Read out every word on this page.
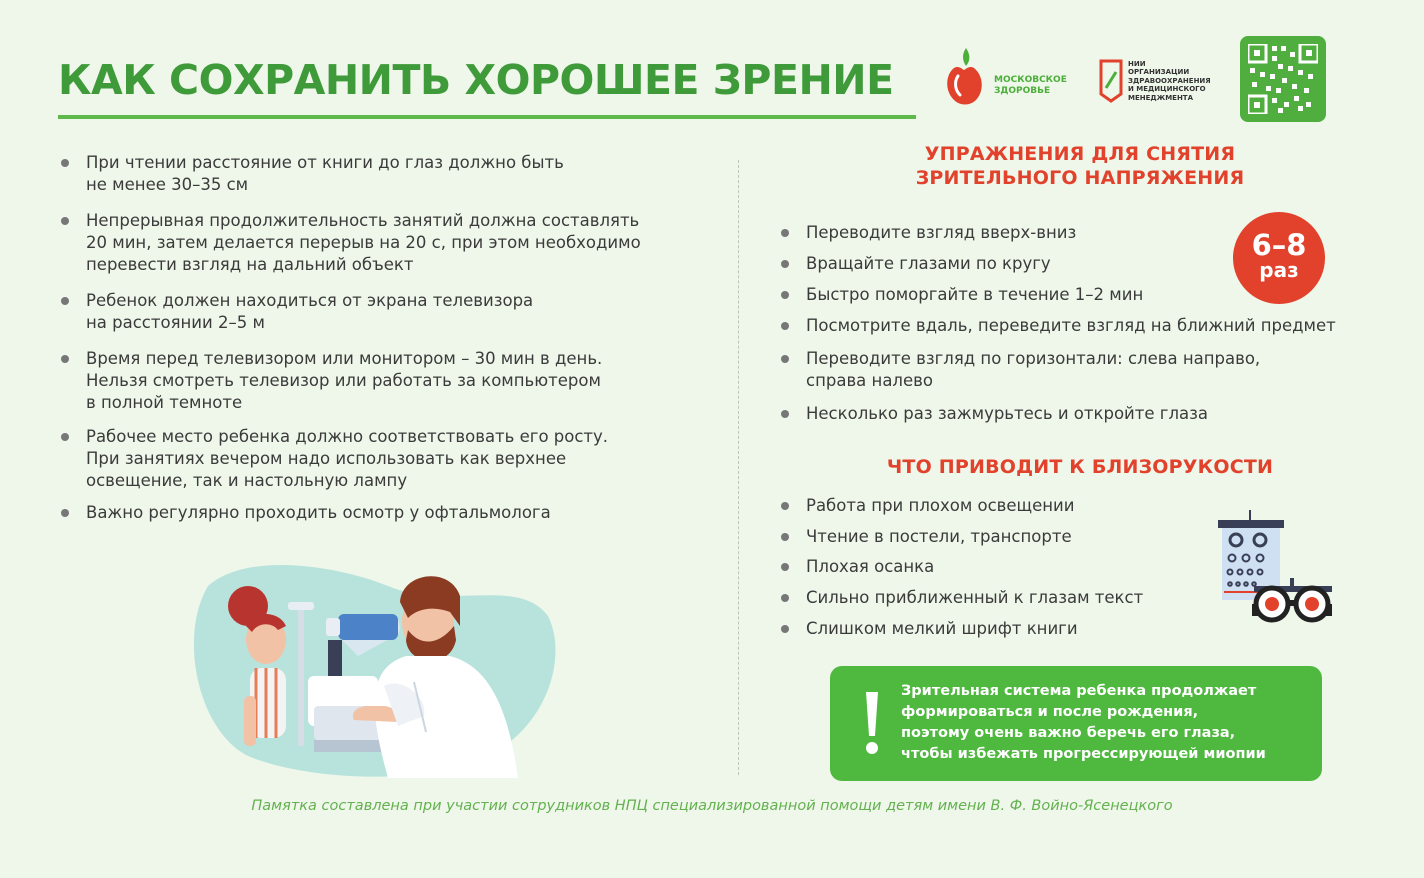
КАК СОХРАНИТЬ ХОРОШЕЕ ЗРЕНИЕ	МОСКОВСКОЕ
ЗДОРОВЬЕ
НИИ
ОРГАНИЗАЦИИ
ЗДРАВООХРАНЕНИЯ
И МЕДИЦИНСКОГО
МЕНЕДЖМЕНТА
При чтении расстояние от книги до глаз должно быть
не менее 30–35 см
Непрерывная продолжительность занятий должна составлять
20 мин, затем делается перерыв на 20 с, при этом необходимо
перевести взгляд на дальний объект
Ребенок должен находиться от экрана телевизора
на расстоянии 2–5 м
Время перед телевизором или монитором – 30 мин в день.
Нельзя смотреть телевизор или работать за компьютером
в полной темноте
Рабочее место ребенка должно соответствовать его росту.
При занятиях вечером надо использовать как верхнее
освещение, так и настольную лампу
Важно регулярно проходить осмотр у офтальмолога
УПРАЖНЕНИЯ ДЛЯ СНЯТИЯ
ЗРИТЕЛЬНОГО НАПРЯЖЕНИЯ
6–8
раз
Переводите взгляд вверх-вниз
Вращайте глазами по кругу
Быстро поморгайте в течение 1–2 мин
Посмотрите вдаль, переведите взгляд на ближний предмет
Переводите взгляд по горизонтали: слева направо,
справа налево
Несколько раз зажмурьтесь и откройте глаза
ЧТО ПРИВОДИТ К БЛИЗОРУКОСТИ
Работа при плохом освещении
Чтение в постели, транспорте
Плохая осанка
Сильно приближенный к глазам текст
Слишком мелкий шрифт книги
Зрительная система ребенка продолжает
формироваться и после рождения,
поэтому очень важно беречь его глаза,
чтобы избежать прогрессирующей миопии
Памятка составлена при участии сотрудников НПЦ специализированной помощи детям имени В. Ф. Войно-Ясенецкого
